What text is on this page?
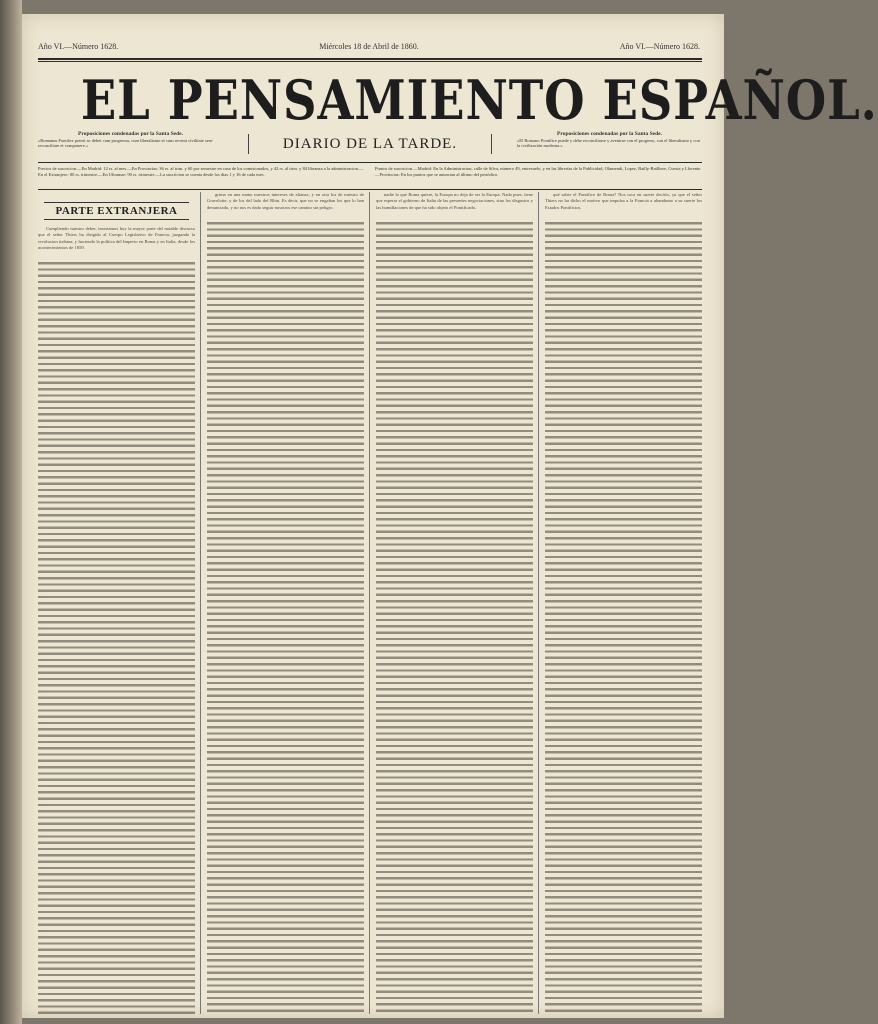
Año VI.—Número 1628.	Miércoles 18 de Abril de 1860.	Año VI.—Número 1628.
EL PENSAMIENTO ESPAÑOL.
Proposiciones condenadas por la Santa Sede.
«Romanus Pontifex potest ac debet cum progressu, cum liberalismo et cum recenti civilitate sese reconciliare et componere.»	DIARIO DE LA TARDE.
Proposiciones condenadas por la Santa Sede.
«El Romano Pontífice puede y debe reconciliarse y avenirse con el progreso, con el liberalismo y con la civilización moderna.»
Precios de suscricion.—En Madrid: 12 rs. al mes.—En Provincias: 36 rs. al trim. y 60 por semestre en casa de los comisionados, y 42 rs. al trim. y 84 libranza a la administracion.—En el Extranjero: 80 rs. trimestre.—En Ultramar: 90 rs. trimestre.—La suscricion se cuenta desde los dias 1 y 16 de cada mes.
Puntos de suscricion.—Madrid: En la Administracion, calle de Silva, número 49, entresuelo, y en las librerías de la Publicidad, Olamendi, Lopez, Bailly-Bailliere, Cuesta y Llorente.—Provincias: En los puntos que se anuncian al último del periódico.
PARTE EXTRANJERA
Cumpliendo nuestro deber, insertamos hoy la mayor parte del notable discurso que el señor Thiers ha dirigido al Cuerpo Legislativo de Francia, juzgando la revolucion italiana, y haciendo la política del Imperio en Roma y en Italia, desde los acontecimientos de 1859.
grima en una mano nuestros intereses de alianza, y en otra los de nuestro de Gravelotte, y de los del lado del Rhin. Es decir, que no se engañan los que lo han denunciado, y no nos es dado seguir nosotros ese camino sin peligro.
nadie lo que Roma quiere, la Europa no deja de ser la Europa. Nada pues, tiene que esperar el gobierno de Italia de las presentes negociaciones, sino los disgustos y las humillaciones de que ha sido objeto el Pontificado.
qué saber el Pontífice de Roma? Nos toca en suerte decirlo, ya que el señor Thiers no ha dicho el motivo que impulsa a la Francia a abandonar a su suerte los Estados Pontificios.
